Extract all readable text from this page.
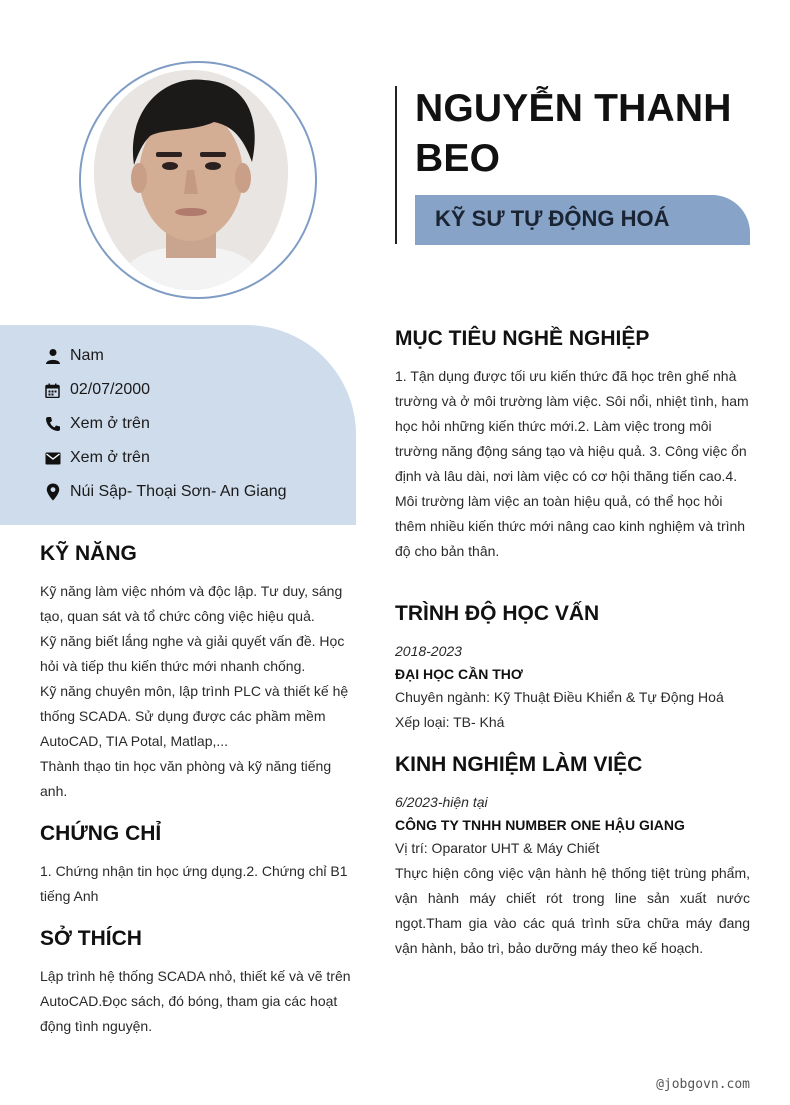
NGUYỄN THANH BEO
KỸ SƯ TỰ ĐỘNG HOÁ
Nam
02/07/2000
Xem ở trên
Xem ở trên
Núi Sập- Thoại Sơn- An Giang
KỸ NĂNG

Kỹ năng làm việc nhóm và độc lập. Tư duy, sáng tạo, quan sát và tổ chức công việc hiệu quả.

Kỹ năng biết lắng nghe và giải quyết vấn đề. Học hỏi và tiếp thu kiến thức mới nhanh chống.

Kỹ năng chuyên môn, lập trình PLC và thiết kế hệ thống SCADA. Sử dụng được các phầm mềm AutoCAD, TIA Potal, Matlap,...

Thành thạo tin học văn phòng và kỹ năng tiếng anh.

CHỨNG CHỈ
1. Chứng nhận tin học ứng dụng.2. Chứng chỉ B1 tiếng Anh
SỞ THÍCH
Lập trình hệ thống SCADA nhỏ, thiết kế và vẽ trên AutoCAD.Đọc sách, đó bóng, tham gia các hoạt động tình nguyện.
MỤC TIÊU NGHỀ NGHIỆP
1. Tận dụng được tối ưu kiến thức đã học trên ghế nhà trường và ở môi trường làm việc. Sôi nổi, nhiệt tình, ham học hỏi những kiến thức mới.2. Làm việc trong môi trường năng động sáng tạo và hiệu quả. 3. Công việc ổn định và lâu dài, nơi làm việc có cơ hội thăng tiến cao.4. Môi trường làm việc an toàn hiệu quả, có thể học hỏi thêm nhiều kiến thức mới nâng cao kinh nghiệm và trình độ cho bản thân.
TRÌNH ĐỘ HỌC VẤN
2018-2023
ĐẠI HỌC CẦN THƠ
Chuyên ngành: Kỹ Thuật Điều Khiển & Tự Động Hoá
Xếp loại: TB- Khá
KINH NGHIỆM LÀM VIỆC
6/2023-hiện tại
CÔNG TY TNHH NUMBER ONE HẬU GIANG
Vị trí: Oparator UHT & Máy Chiết
Thực hiện công việc vận hành hệ thống tiệt trùng phẩm, vận hành máy chiết rót trong line sản xuất nước ngọt.Tham gia vào các quá trình sữa chữa máy đang vận hành, bảo trì, bảo dưỡng máy theo kế hoạch.
@jobgovn.com
